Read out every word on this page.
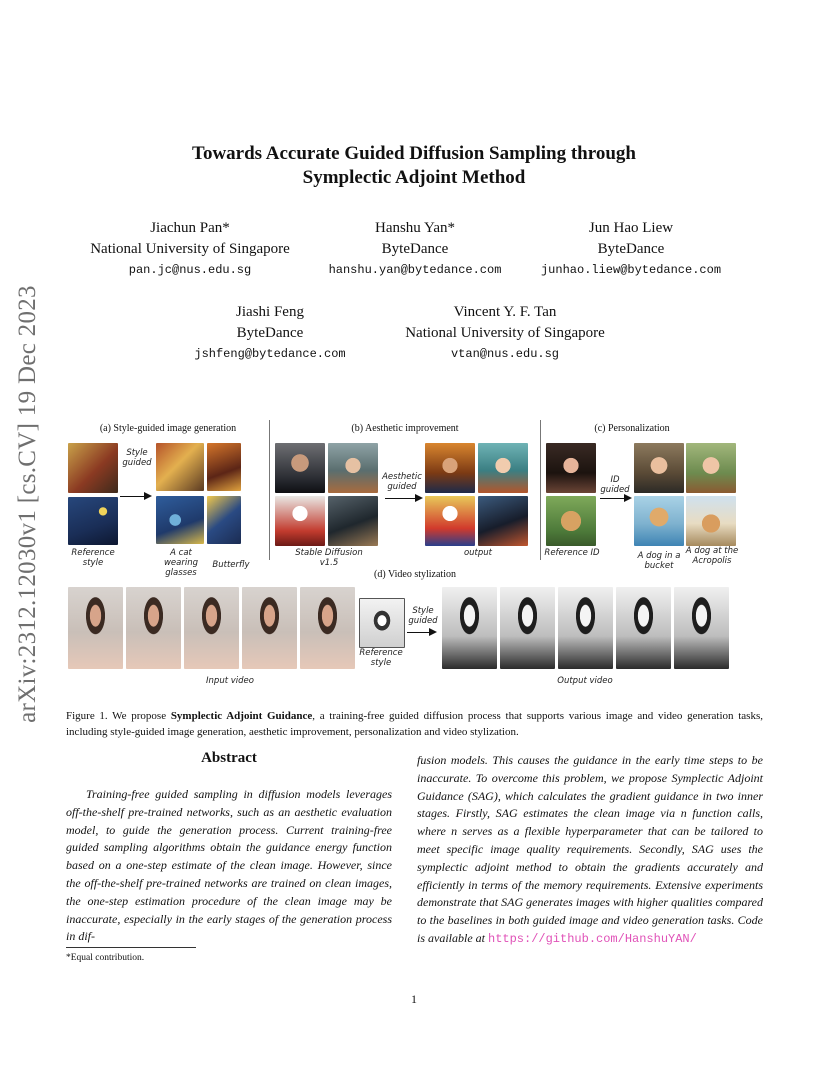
arXiv:2312.12030v1 [cs.CV] 19 Dec 2023
Towards Accurate Guided Diffusion Sampling through
Symplectic Adjoint Method
Jiachun Pan*
National University of Singapore
pan.jc@nus.edu.sg
Hanshu Yan*
ByteDance
hanshu.yan@bytedance.com
Jun Hao Liew
ByteDance
junhao.liew@bytedance.com
Jiashi Feng
ByteDance
jshfeng@bytedance.com
Vincent Y. F. Tan
National University of Singapore
vtan@nus.edu.sg
(a) Style-guided image generation
Style guided
Reference style
A cat wearing glasses
Butterfly
(b) Aesthetic improvement
Aesthetic guided
Stable Diffusion v1.5
output
(c) Personalization
ID guided
Reference ID	A dog in a bucket
A dog at the Acropolis
(d) Video stylization
Input video
Reference style
Style guided
Output video
Figure 1. We propose Symplectic Adjoint Guidance, a training-free guided diffusion process that supports various image and video generation tasks, including style-guided image generation, aesthetic improvement, personalization and video stylization.
Abstract

Training-free guided sampling in diffusion models leverages off-the-shelf pre-trained networks, such as an aesthetic evaluation model, to guide the generation process. Current training-free guided sampling algorithms obtain the guidance energy function based on a one-step estimate of the clean image. However, since the off-the-shelf pre-trained networks are trained on clean images, the one-step estimation procedure of the clean image may be inaccurate, especially in the early stages of the generation process in dif-

fusion models. This causes the guidance in the early time steps to be inaccurate. To overcome this problem, we propose Symplectic Adjoint Guidance (SAG), which calculates the gradient guidance in two inner stages. Firstly, SAG estimates the clean image via n function calls, where n serves as a flexible hyperparameter that can be tailored to meet specific image quality requirements. Secondly, SAG uses the symplectic adjoint method to obtain the gradients accurately and efficiently in terms of the memory requirements. Extensive experiments demonstrate that SAG generates images with higher qualities compared to the baselines in both guided image and video generation tasks. Code is available at https://github.com/HanshuYAN/

*Equal contribution.
1
